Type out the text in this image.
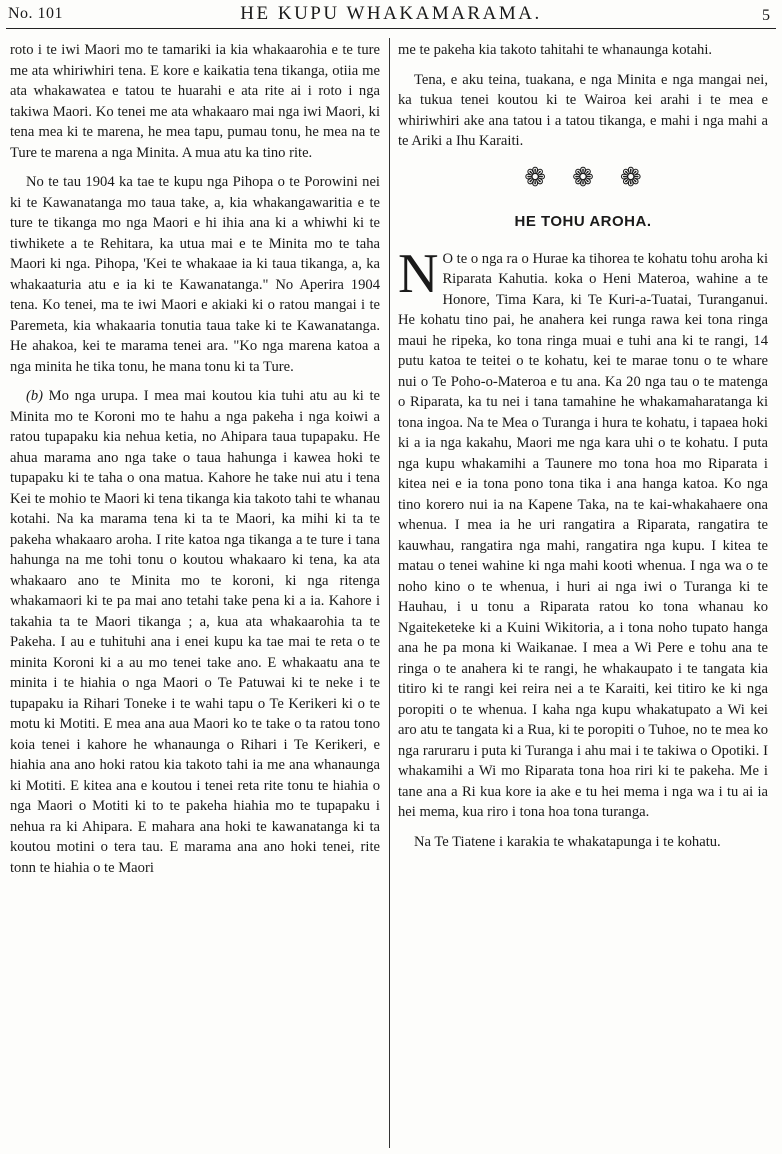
No. 101	HE KUPU WHAKAMARAMA.	5

roto i te iwi Maori mo te tamariki ia kia whakaarohia e te ture me ata whiriwhiri tena. E kore e kaikatia tena tikanga, otiia me ata whakawatea e tatou te huarahi e ata rite ai i roto i nga takiwa Maori. Ko tenei me ata whakaaro mai nga iwi Maori, ki tena mea ki te marena, he mea tapu, pumau tonu, he mea na te Ture te marena a nga Minita. A mua atu ka tino rite.

No te tau 1904 ka tae te kupu nga Pihopa o te Porowini nei ki te Kawanatanga mo taua take, a, kia whakangawaritia e te ture te tikanga mo nga Maori e hi ihia ana ki a whiwhi ki te tiwhikete a te Rehitara, ka utua mai e te Minita mo te taha Maori ki nga. Pihopa, 'Kei te whakaae ia ki taua tikanga, a, ka whakaaturia atu e ia ki te Kawanatanga." No Aperira 1904 tena. Ko tenei, ma te iwi Maori e akiaki ki o ratou mangai i te Paremeta, kia whakaaria tonutia taua take ki te Kawanatanga. He ahakoa, kei te marama tenei ara. "Ko nga marena katoa a nga minita he tika tonu, he mana tonu ki ta Ture.

(b) Mo nga urupa. I mea mai koutou kia tuhi atu au ki te Minita mo te Koroni mo te hahu a nga pakeha i nga koiwi a ratou tupapaku kia nehua ketia, no Ahipara taua tupapaku. He ahua marama ano nga take o taua hahunga i kawea hoki te tupapaku ki te taha o ona matua. Kahore he take nui atu i tena Kei te mohio te Maori ki tena tikanga kia takoto tahi te whanau kotahi. Na ka marama tena ki ta te Maori, ka mihi ki ta te pakeha whakaaro aroha. I rite katoa nga tikanga a te ture i tana hahunga na me tohi tonu o koutou whakaaro ki tena, ka ata whakaaro ano te Minita mo te koroni, ki nga ritenga whakamaori ki te pa mai ano tetahi take pena ki a ia. Kahore i takahia ta te Maori tikanga ; a, kua ata whakaarohia ta te Pakeha. I au e tuhituhi ana i enei kupu ka tae mai te reta o te minita Koroni ki a au mo tenei take ano. E whakaatu ana te minita i te hiahia o nga Maori o Te Patuwai ki te neke i te tupapaku ia Rihari Toneke i te wahi tapu o Te Kerikeri ki o te motu ki Motiti. E mea ana aua Maori ko te take o ta ratou tono koia tenei i kahore he whanaunga o Rihari i Te Kerikeri, e hiahia ana ano hoki ratou kia takoto tahi ia me ana whanaunga ki Motiti. E kitea ana e koutou i tenei reta rite tonu te hiahia o nga Maori o Motiti ki to te pakeha hiahia mo te tupapaku i nehua ra ki Ahipara. E mahara ana hoki te kawanatanga ki ta koutou motini o tera tau. E marama ana ano hoki tenei, rite tonn te hiahia o te Maori

me te pakeha kia takoto tahitahi te whanaunga kotahi.

Tena, e aku teina, tuakana, e nga Minita e nga mangai nei, ka tukua tenei koutou ki te Wairoa kei arahi i te mea e whiriwhiri ake ana tatou i a tatou tikanga, e mahi i nga mahi a te Ariki a Ihu Karaiti.

❁❁❁
HE TOHU AROHA.

N O te o nga ra o Hurae ka tihorea te kohatu tohu aroha ki Riparata Kahutia. koka o Heni Materoa, wahine a te Honore, Tima Kara, ki Te Kuri-a-Tuatai, Turanganui. He kohatu tino pai, he anahera kei runga rawa kei tona ringa maui he ripeka, ko tona ringa muai e tuhi ana ki te rangi, 14 putu katoa te teitei o te kohatu, kei te marae tonu o te whare nui o Te Poho-o-Materoa e tu ana. Ka 20 nga tau o te matenga o Riparata, ka tu nei i tana tamahine he whakamaharatanga ki tona ingoa. Na te Mea o Turanga i hura te kohatu, i tapaea hoki ki a ia nga kakahu, Maori me nga kara uhi o te kohatu. I puta nga kupu whakamihi a Taunere mo tona hoa mo Riparata i kitea nei e ia tona pono tona tika i ana hanga katoa. Ko nga tino korero nui ia na Kapene Taka, na te kai-whakahaere ona whenua. I mea ia he uri rangatira a Riparata, rangatira te kauwhau, rangatira nga mahi, rangatira nga kupu. I kitea te matau o tenei wahine ki nga mahi kooti whenua. I nga wa o te noho kino o te whenua, i huri ai nga iwi o Turanga ki te Hauhau, i u tonu a Riparata ratou ko tona whanau ko Ngaiteketeke ki a Kuini Wikitoria, a i tona noho tupato hanga ana he pa mona ki Waikanae. I mea a Wi Pere e tohu ana te ringa o te anahera ki te rangi, he whakaupato i te tangata kia titiro ki te rangi kei reira nei a te Karaiti, kei titiro ke ki nga poropiti o te whenua. I kaha nga kupu whakatupato a Wi kei aro atu te tangata ki a Rua, ki te poropiti o Tuhoe, no te mea ko nga raruraru i puta ki Turanga i ahu mai i te takiwa o Opotiki. I whakamihi a Wi mo Riparata tona hoa riri ki te pakeha. Me i tane ana a Ri kua kore ia ake e tu hei mema i nga wa i tu ai ia hei mema, kua riro i tona hoa tona turanga.

Na Te Tiatene i karakia te whakatapunga i te kohatu.
